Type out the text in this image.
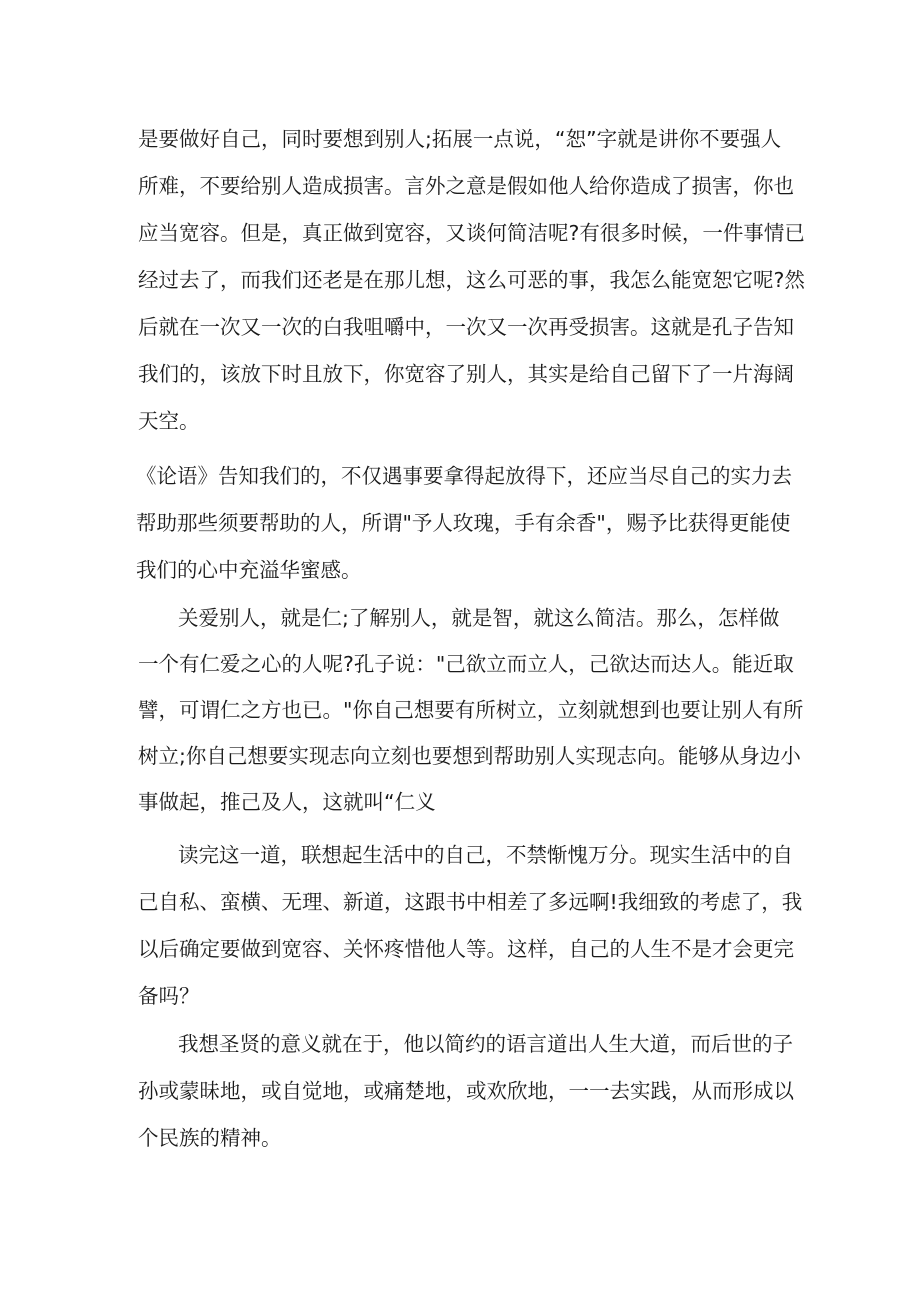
是要做好自己，同时要想到别人;拓展一点说，“恕”字就是讲你不要强人
所难，不要给别人造成损害。言外之意是假如他人给你造成了损害，你也
应当宽容。但是，真正做到宽容，又谈何简洁呢?有很多时候，一件事情已
经过去了，而我们还老是在那儿想，这么可恶的事，我怎么能宽恕它呢?然
后就在一次又一次的白我咀嚼中，一次又一次再受损害。这就是孔子告知
我们的，该放下时且放下，你宽容了别人，其实是给自己留下了一片海阔
天空。
《论语》告知我们的，不仅遇事要拿得起放得下，还应当尽自己的实力去
帮助那些须要帮助的人，所谓"予人玫瑰，手有余香"，赐予比获得更能使
我们的心中充溢华蜜感。
关爱别人，就是仁;了解别人，就是智，就这么简洁。那么，怎样做
一个有仁爱之心的人呢?孔子说："己欲立而立人，己欲达而达人。能近取
譬，可谓仁之方也已。"你自己想要有所树立，立刻就想到也要让别人有所
树立;你自己想要实现志向立刻也要想到帮助别人实现志向。能够从身边小
事做起，推己及人，这就叫“仁义
读完这一道，联想起生活中的自己，不禁惭愧万分。现实生活中的自
己自私、蛮横、无理、新道，这跟书中相差了多远啊!我细致的考虑了，我
以后确定要做到宽容、关怀疼惜他人等。这样，自己的人生不是才会更完
备吗？
我想圣贤的意义就在于，他以简约的语言道出人生大道，而后世的子
孙或蒙昧地，或自觉地，或痛楚地，或欢欣地，一一去实践，从而形成以
个民族的精神。
